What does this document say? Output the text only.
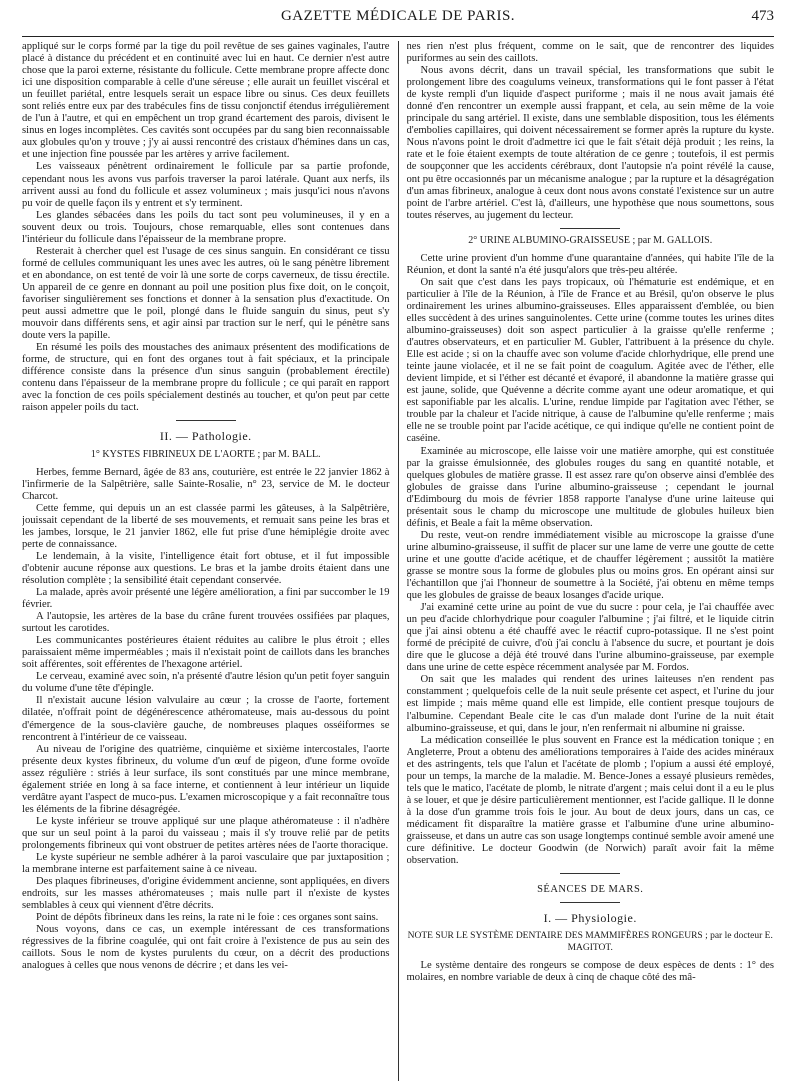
GAZETTE MÉDICALE DE PARIS.	473

appliqué sur le corps formé par la tige du poil revêtue de ses gaines vaginales, l'autre placé à distance du précédent et en continuité avec lui en haut. Ce dernier n'est autre chose que la paroi externe, résistante du follicule. Cette membrane propre affecte donc ici une disposition comparable à celle d'une séreuse ; elle aurait un feuillet viscéral et un feuillet pariétal, entre lesquels serait un espace libre ou sinus. Ces deux feuillets sont reliés entre eux par des trabécules fins de tissu conjonctif étendus irrégulièrement de l'un à l'autre, et qui en empêchent un trop grand écartement des parois, divisent le sinus en loges incomplètes. Ces cavités sont occupées par du sang bien reconnaissable aux globules qu'on y trouve ; j'y ai aussi rencontré des cristaux d'hémines dans un cas, et une injection fine poussée par les artères y arrive facilement.

Les vaisseaux pénètrent ordinairement le follicule par sa partie profonde, cependant nous les avons vus parfois traverser la paroi latérale. Quant aux nerfs, ils arrivent aussi au fond du follicule et assez volumineux ; mais jusqu'ici nous n'avons pu voir de quelle façon ils y entrent et s'y terminent.

Les glandes sébacées dans les poils du tact sont peu volumineuses, il y en a souvent deux ou trois. Toujours, chose remarquable, elles sont contenues dans l'intérieur du follicule dans l'épaisseur de la membrane propre.

Resterait à chercher quel est l'usage de ces sinus sanguin. En considérant ce tissu formé de cellules communiquant les unes avec les autres, où le sang pénètre librement et en abondance, on est tenté de voir là une sorte de corps caverneux, de tissu érectile. Un appareil de ce genre en donnant au poil une position plus fixe doit, on le conçoit, favoriser singulièrement ses fonctions et donner à la sensation plus d'exactitude. On peut aussi admettre que le poil, plongé dans le fluide sanguin du sinus, peut s'y mouvoir dans différents sens, et agir ainsi par traction sur le nerf, qui le pénètre sans doute vers la papille.

En résumé les poils des moustaches des animaux présentent des modifications de forme, de structure, qui en font des organes tout à fait spéciaux, et la principale différence consiste dans la présence d'un sinus sanguin (probablement érectile) contenu dans l'épaisseur de la membrane propre du follicule ; ce qui paraît en rapport avec la fonction de ces poils spécialement destinés au toucher, et qu'on peut par cette raison appeler poils du tact.

II. — Pathologie.

1° KYSTES FIBRINEUX DE L'AORTE ; par M. BALL.

Herbes, femme Bernard, âgée de 83 ans, couturière, est entrée le 22 janvier 1862 à l'infirmerie de la Salpêtrière, salle Sainte-Rosalie, n° 23, service de M. le docteur Charcot.

Cette femme, qui depuis un an est classée parmi les gâteuses, à la Salpêtrière, jouissait cependant de la liberté de ses mouvements, et remuait sans peine les bras et les jambes, lorsque, le 21 janvier 1862, elle fut prise d'une hémiplégie droite avec perte de connaissance.

Le lendemain, à la visite, l'intelligence était fort obtuse, et il fut impossible d'obtenir aucune réponse aux questions. Le bras et la jambe droits étaient dans une résolution complète ; la sensibilité était cependant conservée.

La malade, après avoir présenté une légère amélioration, a fini par succomber le 19 février.

A l'autopsie, les artères de la base du crâne furent trouvées ossifiées par plaques, surtout les carotides.

Les communicantes postérieures étaient réduites au calibre le plus étroit ; elles paraissaient même imperméables ; mais il n'existait point de caillots dans les branches soit afférentes, soit efférentes de l'hexagone artériel.

Le cerveau, examiné avec soin, n'a présenté d'autre lésion qu'un petit foyer sanguin du volume d'une tête d'épingle.

Il n'existait aucune lésion valvulaire au cœur ; la crosse de l'aorte, fortement dilatée, n'offrait point de dégénérescence athéromateuse, mais au-dessous du point d'émergence de la sous-clavière gauche, de nombreuses plaques osséiformes se rencontrent à l'intérieur de ce vaisseau.

Au niveau de l'origine des quatrième, cinquième et sixième intercostales, l'aorte présente deux kystes fibrineux, du volume d'un œuf de pigeon, d'une forme ovoïde assez régulière : striés à leur surface, ils sont constitués par une mince membrane, également striée en long à sa face interne, et contiennent à leur intérieur un liquide verdâtre ayant l'aspect de muco-pus. L'examen microscopique y a fait reconnaître tous les éléments de la fibrine désagrégée.

Le kyste inférieur se trouve appliqué sur une plaque athéromateuse : il n'adhère que sur un seul point à la paroi du vaisseau ; mais il s'y trouve relié par de petits prolongements fibrineux qui vont obstruer de petites artères nées de l'aorte thoracique.

Le kyste supérieur ne semble adhérer à la paroi vasculaire que par juxtaposition ; la membrane interne est parfaitement saine à ce niveau.

Des plaques fibrineuses, d'origine évidemment ancienne, sont appliquées, en divers endroits, sur les masses athéromateuses ; mais nulle part il n'existe de kystes semblables à ceux qui viennent d'être décrits.

Point de dépôts fibrineux dans les reins, la rate ni le foie : ces organes sont sains.

Nous voyons, dans ce cas, un exemple intéressant de ces transformations régressives de la fibrine coagulée, qui ont fait croire à l'existence de pus au sein des caillots. Sous le nom de kystes purulents du cœur, on a décrit des productions analogues à celles que nous venons de décrire ; et dans les vei-

nes rien n'est plus fréquent, comme on le sait, que de rencontrer des liquides puriformes au sein des caillots.

Nous avons décrit, dans un travail spécial, les transformations que subit le prolongement libre des coagulums veineux, transformations qui le font passer à l'état de kyste rempli d'un liquide d'aspect puriforme ; mais il ne nous avait jamais été donné d'en rencontrer un exemple aussi frappant, et cela, au sein même de la voie principale du sang artériel. Il existe, dans une semblable disposition, tous les éléments d'embolies capillaires, qui doivent nécessairement se former après la rupture du kyste. Nous n'avons point le droit d'admettre ici que le fait s'était déjà produit ; les reins, la rate et le foie étaient exempts de toute altération de ce genre ; toutefois, il est permis de soupçonner que les accidents cérébraux, dont l'autopsie n'a point révélé la cause, ont pu être occasionnés par un mécanisme analogue ; par la rupture et la désagrégation d'un amas fibrineux, analogue à ceux dont nous avons constaté l'existence sur un autre point de l'arbre artériel. C'est là, d'ailleurs, une hypothèse que nous soumettons, sous toutes réserves, au jugement du lecteur.

2° URINE ALBUMINO-GRAISSEUSE ; par M. GALLOIS.

Cette urine provient d'un homme d'une quarantaine d'années, qui habite l'île de la Réunion, et dont la santé n'a été jusqu'alors que très-peu altérée.

On sait que c'est dans les pays tropicaux, où l'hématurie est endémique, et en particulier à l'île de la Réunion, à l'île de France et au Brésil, qu'on observe le plus ordinairement les urines albumino-graisseuses. Elles apparaissent d'emblée, ou bien elles succèdent à des urines sanguinolentes. Cette urine (comme toutes les urines dites albumino-graisseuses) doit son aspect particulier à la graisse qu'elle renferme ; d'autres observateurs, et en particulier M. Gubler, l'attribuent à la présence du chyle. Elle est acide ; si on la chauffe avec son volume d'acide chlorhydrique, elle prend une teinte jaune violacée, et il ne se fait point de coagulum. Agitée avec de l'éther, elle devient limpide, et si l'éther est décanté et évaporé, il abandonne la matière grasse qui est jaune, solide, que Quévenne a décrite comme ayant une odeur aromatique, et qui est saponifiable par les alcalis. L'urine, rendue limpide par l'agitation avec l'éther, se trouble par la chaleur et l'acide nitrique, à cause de l'albumine qu'elle renferme ; mais elle ne se trouble point par l'acide acétique, ce qui indique qu'elle ne contient point de caséine.

Examinée au microscope, elle laisse voir une matière amorphe, qui est constituée par la graisse émulsionnée, des globules rouges du sang en quantité notable, et quelques globules de matière grasse. Il est assez rare qu'on observe ainsi d'emblée des globules de graisse dans l'urine albumino-graisseuse ; cependant le journal d'Edimbourg du mois de février 1858 rapporte l'analyse d'une urine laiteuse qui présentait sous le champ du microscope une multitude de globules huileux bien définis, et Beale a fait la même observation.

Du reste, veut-on rendre immédiatement visible au microscope la graisse d'une urine albumino-graisseuse, il suffit de placer sur une lame de verre une goutte de cette urine et une goutte d'acide acétique, et de chauffer légèrement ; aussitôt la matière grasse se montre sous la forme de globules plus ou moins gros. En opérant ainsi sur l'échantillon que j'ai l'honneur de soumettre à la Société, j'ai obtenu en même temps que les globules de graisse de beaux losanges d'acide urique.

J'ai examiné cette urine au point de vue du sucre : pour cela, je l'ai chauffée avec un peu d'acide chlorhydrique pour coaguler l'albumine ; j'ai filtré, et le liquide citrin que j'ai ainsi obtenu a été chauffé avec le réactif cupro-potassique. Il ne s'est point formé de précipité de cuivre, d'où j'ai conclu à l'absence du sucre, et pourtant je dois dire que le glucose a déjà été trouvé dans l'urine albumino-graisseuse, par exemple dans une urine de cette espèce récemment analysée par M. Fordos.

On sait que les malades qui rendent des urines laiteuses n'en rendent pas constamment ; quelquefois celle de la nuit seule présente cet aspect, et l'urine du jour est limpide ; mais même quand elle est limpide, elle contient presque toujours de l'albumine. Cependant Beale cite le cas d'un malade dont l'urine de la nuit était albumino-graisseuse, et qui, dans le jour, n'en renfermait ni albumine ni graisse.

La médication conseillée le plus souvent en France est la médication tonique ; en Angleterre, Prout a obtenu des améliorations temporaires à l'aide des acides minéraux et des astringents, tels que l'alun et l'acétate de plomb ; l'opium a aussi été employé, pour un temps, la marche de la maladie. M. Bence-Jones a essayé plusieurs remèdes, tels que le matico, l'acétate de plomb, le nitrate d'argent ; mais celui dont il a eu le plus à se louer, et que je désire particulièrement mentionner, est l'acide gallique. Il le donne à la dose d'un gramme trois fois le jour. Au bout de deux jours, dans un cas, ce médicament fit disparaître la matière grasse et l'albumine d'une urine albumino-graisseuse, et dans un autre cas son usage longtemps continué semble avoir amené une cure définitive. Le docteur Goodwin (de Norwich) paraît avoir fait la même observation.

SÉANCES DE MARS.

I. — Physiologie.

NOTE SUR LE SYSTÈME DENTAIRE DES MAMMIFÈRES RONGEURS ; par le docteur E. MAGITOT.

Le système dentaire des rongeurs se compose de deux espèces de dents : 1° des molaires, en nombre variable de deux à cinq de chaque côté des mâ-
